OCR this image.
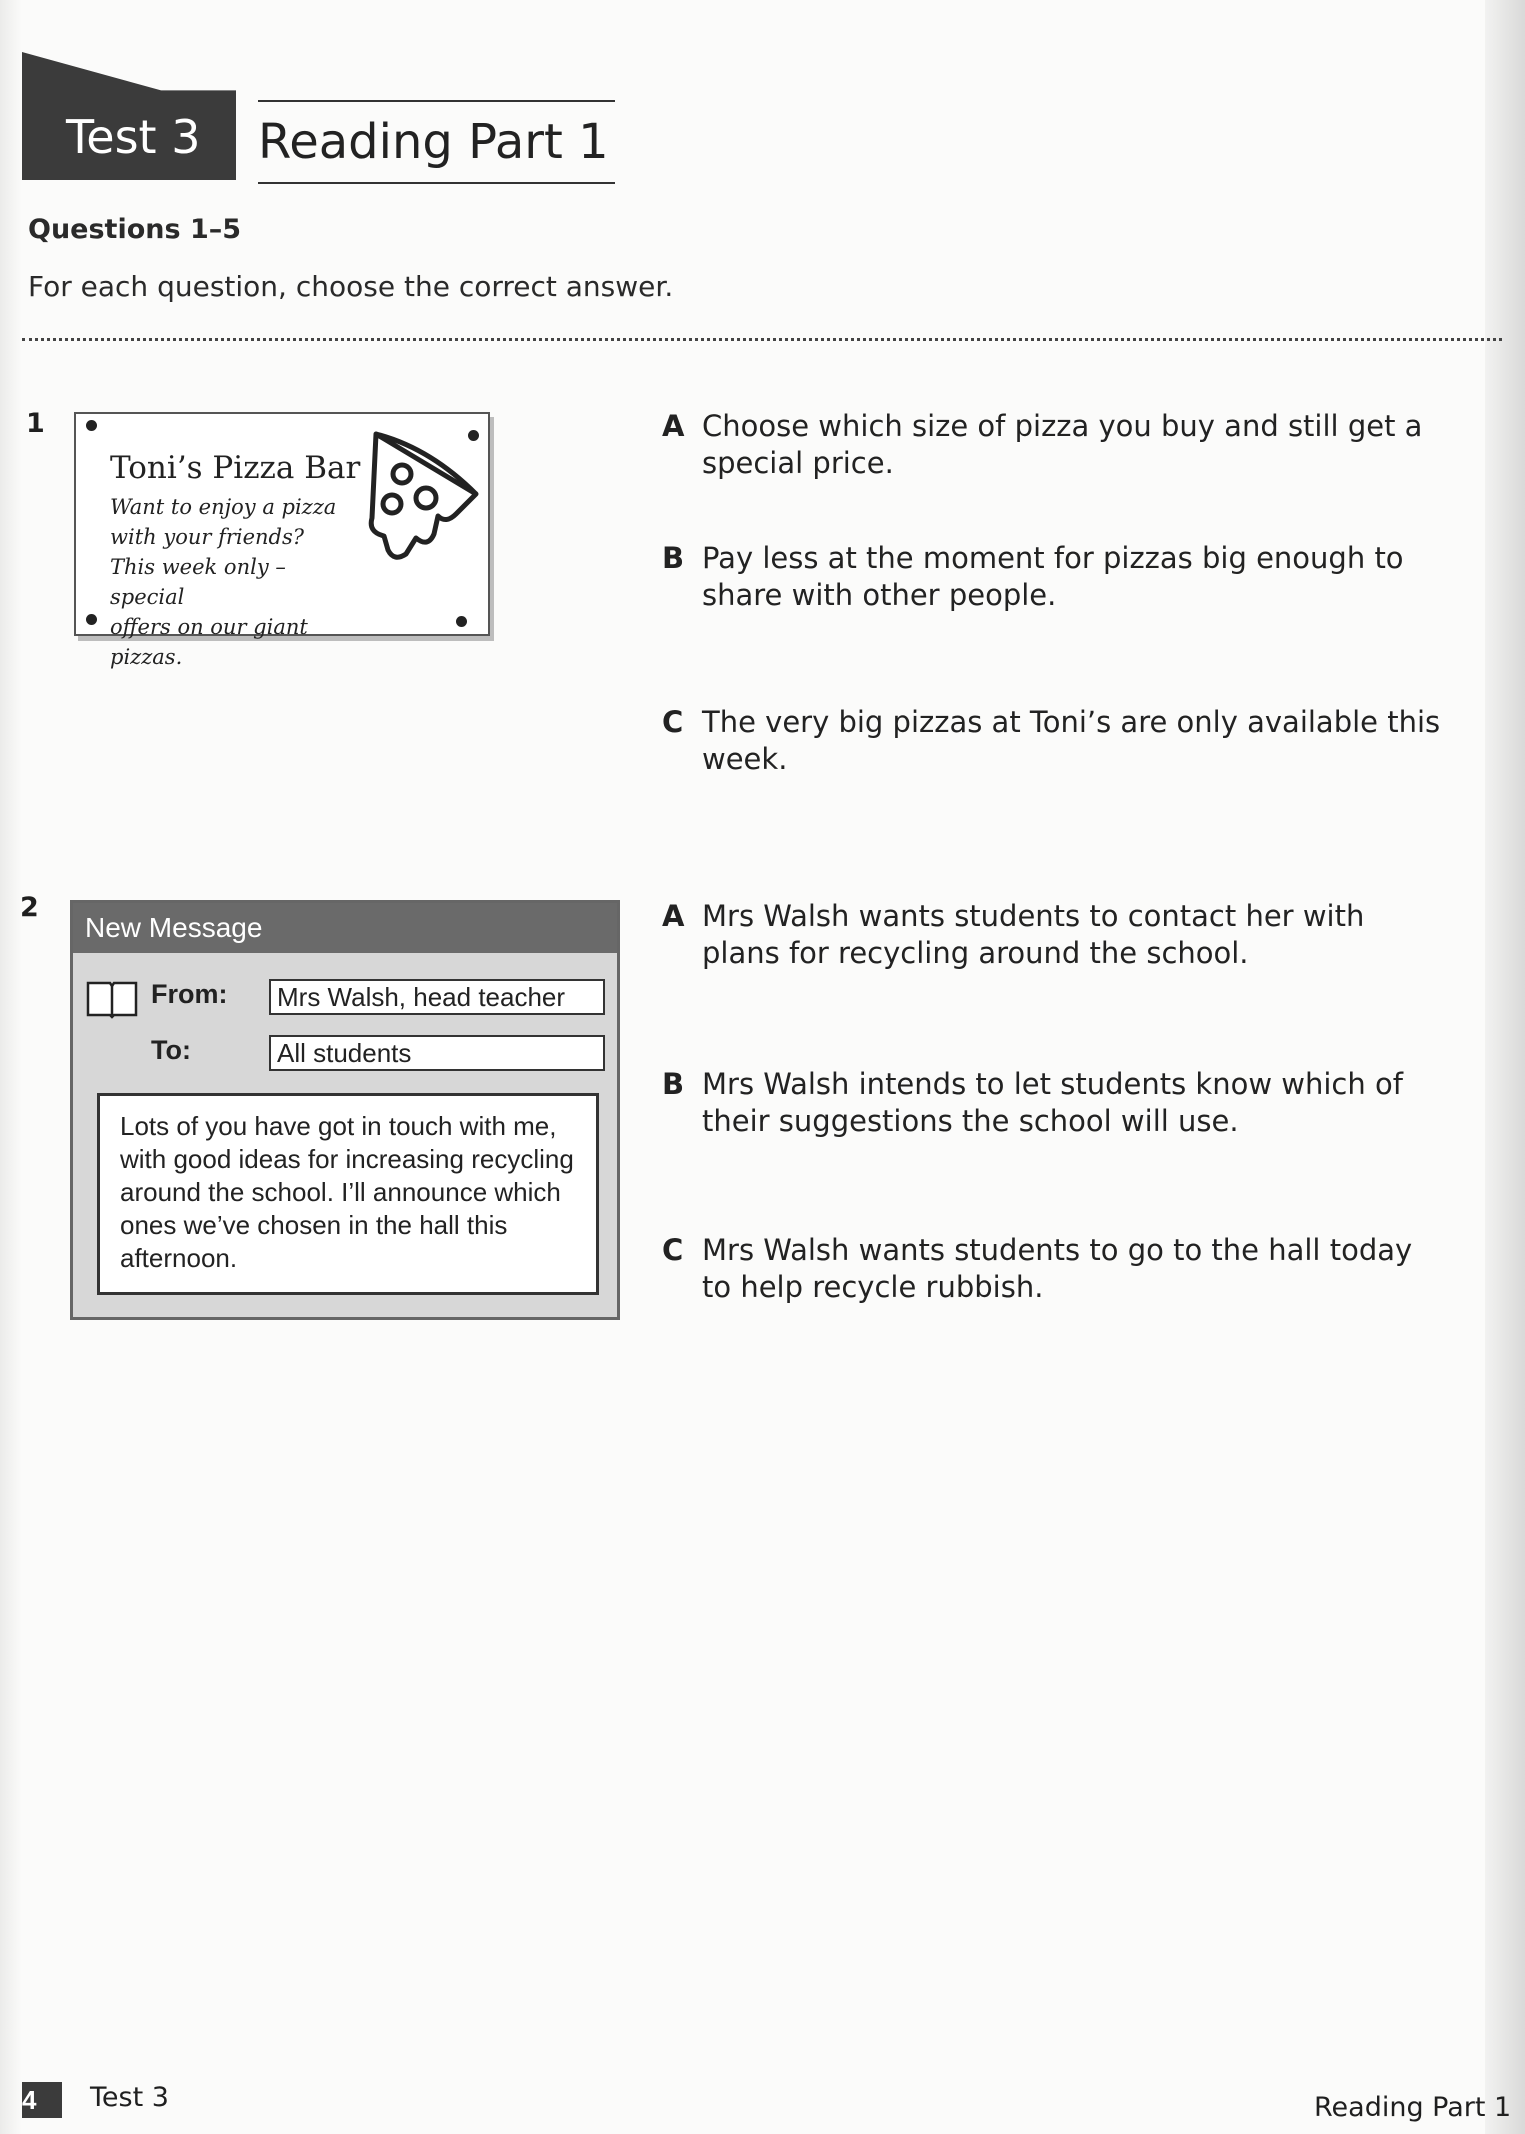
Test 3 Reading Part 1
Questions 1–5
For each question, choose the correct answer.
1
Toni’s Pizza Bar
Want to enjoy a pizza
with your friends?
This week only – special
offers on our giant pizzas.
A Choose which size of pizza you buy and still get a special price.
B Pay less at the moment for pizzas big enough to share with other people.
C The very big pizzas at Toni’s are only available this week.
2
New Message
From:	Mrs Walsh, head teacher
To:	All students
Lots of you have got in touch with me, with good ideas for increasing recycling around the school. I’ll announce which ones we’ve chosen in the hall this afternoon.
A Mrs Walsh wants students to contact her with plans for recycling around the school.
B Mrs Walsh intends to let students know which of their suggestions the school will use.
C Mrs Walsh wants students to go to the hall today to help recycle rubbish.
4 Test 3	Reading Part 1
